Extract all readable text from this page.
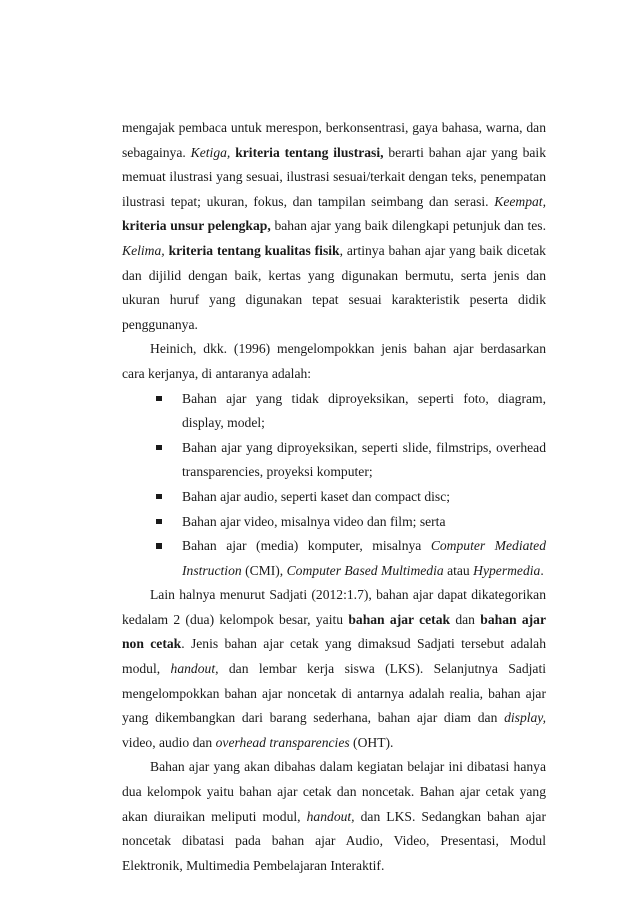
mengajak pembaca untuk merespon, berkonsentrasi, gaya bahasa, warna, dan sebagainya. Ketiga, kriteria tentang ilustrasi, berarti bahan ajar yang baik memuat ilustrasi yang sesuai, ilustrasi sesuai/terkait dengan teks, penempatan ilustrasi tepat; ukuran, fokus, dan tampilan seimbang dan serasi. Keempat, kriteria unsur pelengkap, bahan ajar yang baik dilengkapi petunjuk dan tes. Kelima, kriteria tentang kualitas fisik, artinya bahan ajar yang baik dicetak dan dijilid dengan baik, kertas yang digunakan bermutu, serta jenis dan ukuran huruf yang digunakan tepat sesuai karakteristik peserta didik penggunanya.

Heinich, dkk. (1996) mengelompokkan jenis bahan ajar berdasarkan cara kerjanya, di antaranya adalah:

Bahan ajar yang tidak diproyeksikan, seperti foto, diagram, display, model;
Bahan ajar yang diproyeksikan, seperti slide, filmstrips, overhead transparencies, proyeksi komputer;
Bahan ajar audio, seperti kaset dan compact disc;
Bahan ajar video, misalnya video dan film; serta
Bahan ajar (media) komputer, misalnya Computer Mediated Instruction (CMI), Computer Based Multimedia atau Hypermedia.

Lain halnya menurut Sadjati (2012:1.7), bahan ajar dapat dikategorikan kedalam 2 (dua) kelompok besar, yaitu bahan ajar cetak dan bahan ajar non cetak. Jenis bahan ajar cetak yang dimaksud Sadjati tersebut adalah modul, handout, dan lembar kerja siswa (LKS). Selanjutnya Sadjati mengelompokkan bahan ajar noncetak di antarnya adalah realia, bahan ajar yang dikembangkan dari barang sederhana, bahan ajar diam dan display, video, audio dan overhead transparencies (OHT).

Bahan ajar yang akan dibahas dalam kegiatan belajar ini dibatasi hanya dua kelompok yaitu bahan ajar cetak dan noncetak. Bahan ajar cetak yang akan diuraikan meliputi modul, handout, dan LKS. Sedangkan bahan ajar noncetak dibatasi pada bahan ajar Audio, Video, Presentasi, Modul Elektronik, Multimedia Pembelajaran Interaktif.
